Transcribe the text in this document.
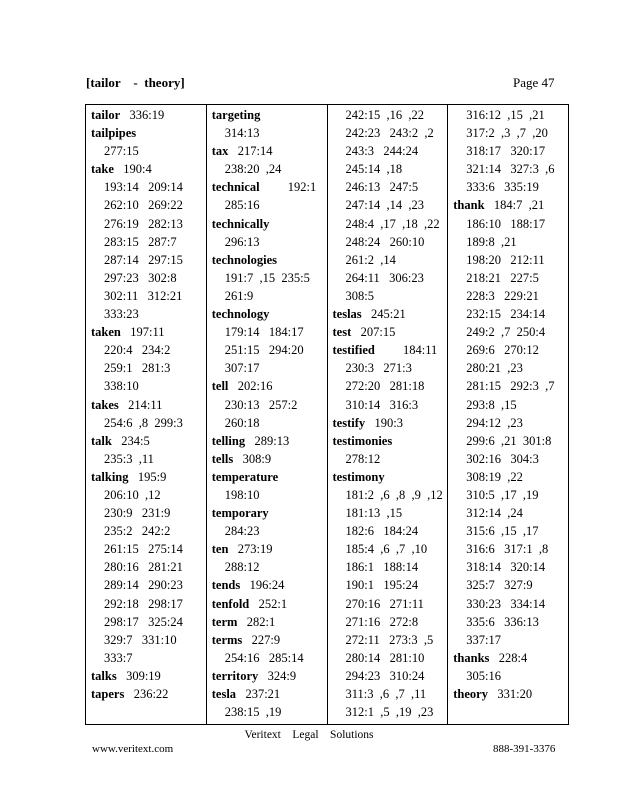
[tailor    -  theory]	Page 47
tailor   336:19
tailpipes
277:15
take   190:4
193:14   209:14
262:10   269:22
276:19   282:13
283:15   287:7
287:14   297:15
297:23   302:8
302:11   312:21
333:23
taken   197:11
220:4   234:2
259:1   281:3
338:10
takes   214:11
254:6  ,8  299:3
talk   234:5
235:3  ,11
talking   195:9
206:10  ,12
230:9   231:9
235:2   242:2
261:15   275:14
280:16   281:21
289:14   290:23
292:18   298:17
298:17   325:24
329:7   331:10
333:7
talks   309:19
tapers   236:22
targeting
314:13
tax   217:14
238:20  ,24
technical         192:1
285:16
technically
296:13
technologies
191:7  ,15  235:5
261:9
technology
179:14   184:17
251:15   294:20
307:17
tell   202:16
230:13   257:2
260:18
telling   289:13
tells   308:9
temperature
198:10
temporary
284:23
ten   273:19
288:12
tends   196:24
tenfold   252:1
term   282:1
terms   227:9
254:16   285:14
territory   324:9
tesla   237:21
238:15  ,19
242:15  ,16  ,22
242:23   243:2  ,2
243:3   244:24
245:14  ,18
246:13   247:5
247:14  ,14  ,23
248:4  ,17  ,18  ,22
248:24   260:10
261:2  ,14
264:11   306:23
308:5
teslas   245:21
test   207:15
testified         184:11
230:3   271:3
272:20   281:18
310:14   316:3
testify   190:3
testimonies
278:12
testimony
181:2  ,6  ,8  ,9  ,12
181:13  ,15
182:6   184:24
185:4  ,6  ,7  ,10
186:1   188:14
190:1   195:24
270:16   271:11
271:16   272:8
272:11   273:3  ,5
280:14   281:10
294:23   310:24
311:3  ,6  ,7  ,11
312:1  ,5  ,19  ,23
316:12  ,15  ,21
317:2  ,3  ,7  ,20
318:17   320:17
321:14   327:3  ,6
333:6   335:19
thank   184:7  ,21
186:10   188:17
189:8  ,21
198:20   212:11
218:21   227:5
228:3   229:21
232:15   234:14
249:2  ,7  250:4
269:6   270:12
280:21  ,23
281:15   292:3  ,7
293:8  ,15
294:12  ,23
299:6  ,21  301:8
302:16   304:3
308:19  ,22
310:5  ,17  ,19
312:14  ,24
315:6  ,15  ,17
316:6   317:1  ,8
318:14   320:14
325:7   327:9
330:23   334:14
335:6   336:13
337:17
thanks   228:4
305:16
theory   331:20
Veritext    Legal    Solutions
www.veritext.com	888-391-3376
